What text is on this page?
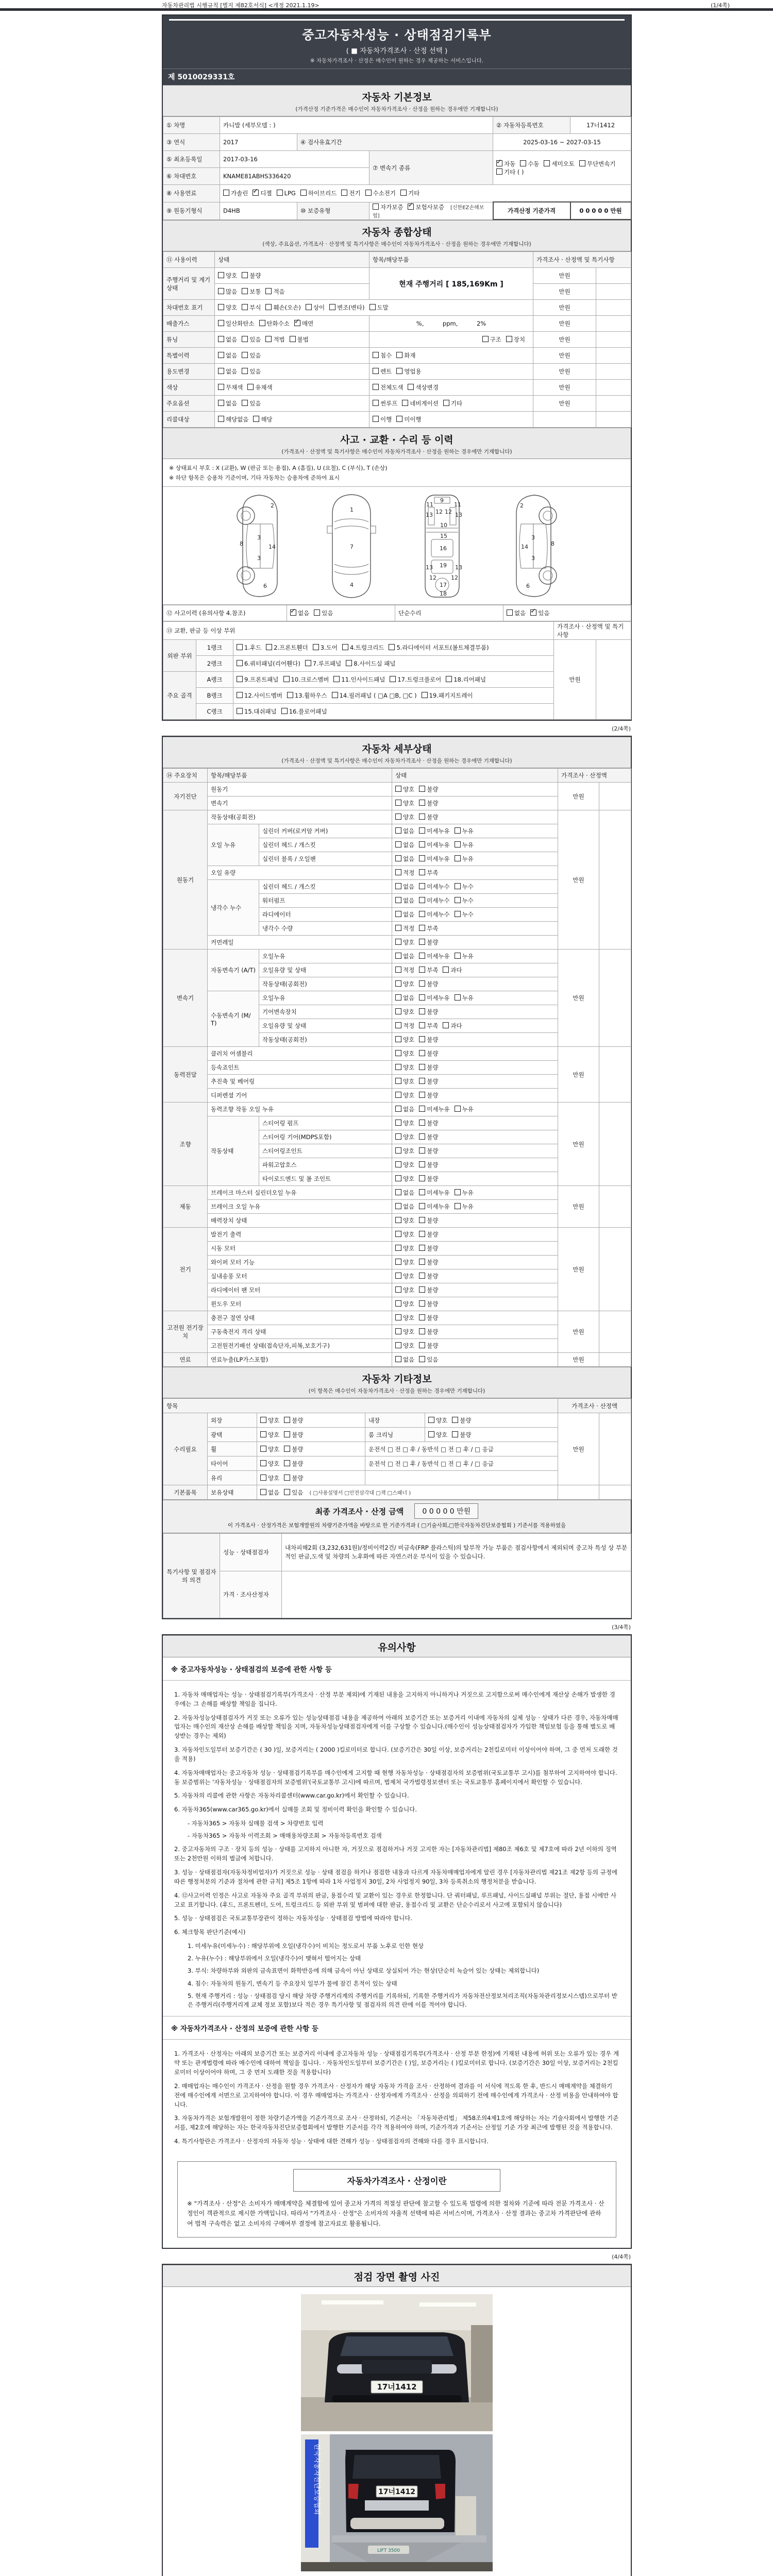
자동차관리법 시행규칙 [별지 제82호서식] <개정 2021.1.19>	(1/4쪽)
중고자동차성능 · 상태점검기록부
( ■ 자동차가격조사 · 산정 선택 )
※ 자동차가격조사 · 산정은 매수인이 원하는 경우 제공하는 서비스입니다.
제 5010029331호
자동차 기본정보
(가격산정 기준가격은 매수인이 자동차가격조사 · 산정을 원하는 경우에만 기재합니다)
① 차명	카니발 (세부모델 : )			② 자동차등록번호	17너1412
③ 연식	2017	④ 검사유효기간		2025-03-16 ~ 2027-03-15	
⑤ 최초등록일	2017-03-16		⑦ 변속기 종류	✓자동 수동 세미오토 무단변속기기타 ( )
⑥ 차대번호	KNAME81ABHS336420				
⑧ 사용연료	가솔린 ✓ 디젤 LPG 하이브리드 전기 수소전기 기타
⑨ 원동기형식	D4HB	⑩ 보증유형	자가보증 ✓ 보험사보증 [신한EZ손해보험]	가격산정 기준가격	0 0 0 0 0 만원
자동차 종합상태
(색상, 주요옵션, 가격조사 · 산정액 및 특기사항은 매수인이 자동차가격조사 · 산정을 원하는 경우에만 기재합니다)
⑪ 사용이력	상태	항목/해당부품	가격조사 · 산정액 및 특기사항	
주행거리 및 계기상태	양호 불량	현재 주행거리 [ 185,169Km ]	만원	
	많음 보통 적음		만원	
차대번호 표기	양호 부식 훼손(오손) 상이 변조(변타) 도말		만원	
배출가스	일산화탄소 탄화수소 ✓ 매연	%,          ppm,          2%	만원	
튜닝	없음 있음 적법 불법	구조 장치	만원	
특별이력	없음 있음	침수 화재	만원	
용도변경	없음 있음	렌트 영업용	만원	
색상	무채색 유채색	전체도색 색상변경	만원	
주요옵션	없음 있음	썬루프 네비게이션 기타	만원	
리콜대상	해당없음 해당	이행 미이행		
사고 · 교환 · 수리 등 이력
(가격조사 · 산정액 및 특기사항은 매수인이 자동차가격조사 · 산정을 원하는 경우에만 기재합니다)
※ 상태표시 부호 : X (교환), W (판금 또는 용접), A (흠집), U (요철), C (부식), T (손상)
※ 하단 항목은 승용차 기준이며, 기타 자동차는 승용차에 준하여 표시
2
8
3
14
3
6
1
7
4
9
11	11
13	13
12 12
10
15
16
13	13
19
12	12
17
18
2
8
3
14
3
6
⑫ 사고이력 (유의사항 4.참조)	✓없음 있음	단순수리	없음 ✓ 있음
⑬ 교환, 판금 등 이상 부위			가격조사 · 산정액 및 특기사항	
외판 부위	1랭크	1.후드 2.프론트휀더 3.도어 4.트렁크리드 5.라디에이터 서포트(볼트체결부품)	만원	
	2랭크	6.쿼터패널(리어휀다) 7.루프패널 8.사이드실 패널		
주요 골격	A랭크	9.프론트패널 10.크로스멤버 11.인사이드패널 17.트렁크플로어 18.리어패널		
	B랭크	12.사이드멤버 13.휠하우스 14.필러패널 ( □A □B, □C ) 19.패키지트레이		
	C랭크	15.대쉬패널 16.플로어패널		
(2/4쪽)
자동차 세부상태
(가격조사 · 산정액 및 특기사항은 매수인이 자동차가격조사 · 산정을 원하는 경우에만 기재합니다)
⑭ 주요장치	항목/해당부품		상태	가격조사 · 산정액	
자기진단	원동기		양호 불량	만원	
	변속기		양호 불량		
원동기	작동상태(공회전)		양호 불량	만원	
	오일 누유	실린더 커버(로커암 커버)	없음 미세누유 누유		
		실린더 헤드 / 개스킷	없음 미세누유 누유		
		실린더 블록 / 오일팬	없음 미세누유 누유		
	오일 유량		적정 부족		
	냉각수 누수	실린더 헤드 / 개스킷	없음 미세누수 누수		
		워터펌프	없음 미세누수 누수		
		라디에이터	없음 미세누수 누수		
		냉각수 수량	적정 부족		
	커먼레일		양호 불량		
변속기	자동변속기 (A/T)	오일누유	없음 미세누유 누유	만원	
		오일유량 및 상태	적정 부족 과다		
		작동상태(공회전)	양호 불량		
	수동변속기 (M/T)	오일누유	없음 미세누유 누유		
		기어변속장치	양호 불량		
		오일유량 및 상태	적정 부족 과다		
		작동상태(공회전)	양호 불량		
동력전달	클러치 어셈블리		양호 불량	만원	
	등속죠인트		양호 불량		
	추진축 및 베어링		양호 불량		
	디퍼렌셜 기어		양호 불량		
조향	동력조향 작동 오일 누유		없음 미세누유 누유	만원	
	작동상태	스티어링 펌프	양호 불량		
		스티어링 기어(MDPS포함)	양호 불량		
		스티어링조인트	양호 불량		
		파워고압호스	양호 불량		
		타이로드엔드 및 볼 조인트	양호 불량		
제동	브레이크 마스터 실린더오일 누유		없음 미세누유 누유	만원	
	브레이크 오일 누유		없음 미세누유 누유		
	배력장치 상태		양호 불량		
전기	발전기 출력		양호 불량	만원	
	시동 모터		양호 불량		
	와이퍼 모터 기능		양호 불량		
	실내송풍 모터		양호 불량		
	라디에이터 팬 모터		양호 불량		
	윈도우 모터		양호 불량		
고전원 전기장치	충전구 절연 상태		양호 불량	만원	
	구동축전지 격리 상태		양호 불량		
	고전원전기배선 상태(접속단자,피복,보호기구)		양호 불량		
연료	연료누출(LP가스포함)		없음 있음	만원	
자동차 기타정보
(이 항목은 매수인이 자동차가격조사 · 산정을 원하는 경우에만 기재합니다)
항목					가격조사 · 산정액	
수리필요	외장	양호 불량	내장	양호 불량	만원	
	광택	양호 불량	룸 크리닝	양호 불량		
	휠	양호 불량	운전석 □ 전 □ 후 / 동반석 □ 전 □ 후 / □ 응급			
	타이어	양호 불량	운전석 □ 전 □ 후 / 동반석 □ 전 □ 후 / □ 응급			
	유리	양호 불량				
기본품목	보유상태	없음 있음 ( □사용설명서 □안전삼각대 □잭 □스패너 )				
최종 가격조사 · 산정 금액	0 0 0 0 0 만원
이 가격조사 · 산정가격은 보험개발원의 차량기준가액을 바탕으로 한 기준가격과 ( □기술사회,□한국자동차진단보증협회 ) 기준서를 적용하였음
특기사항 및 점검자의 의견	성능 · 상태점검자	내차피해2회 (3,232,631원)/정비이력2건/ 비금속(FRP 플라스틱)의 탈부착 가능 부품은 점검사항에서 제외되며 중고차 특성 상 부분적인 판금,도색 및 차량의 노후화에 따른 자연스러운 부식이 있을 수 있습니다.
	가격 · 조사산정자	
(3/4쪽)
유의사항
※ 중고자동차성능 · 상태점검의 보증에 관한 사항 등
1. 자동차 매매업자는 성능 · 상태점검기록부(가격조사 · 산정 부분 제외)에 기재된 내용을 고지하지 아니하거나 거짓으로 고지함으로써 매수인에게 재산상 손해가 발생한 경우에는 그 손해를 배상할 책임을 집니다.
2. 자동차성능상태점검자가 거짓 또는 오류가 있는 성능상태점검 내용을 제공하여 아래의 보증기간 또는 보증거리 이내에 자동차의 실제 성능 · 상태가 다른 경우, 자동차매매업자는 매수인의 재산상 손해를 배상할 책임을 지며, 자동차성능상태점검자에게 이를 구상할 수 있습니다.(매수인이 성능상태점검자가 가입한 책임보험 등을 통해 별도로 배상받는 경우는 제외)
3. 자동차인도일부터 보증기간은 ( 30 )일, 보증거리는 ( 2000 )킬로미터로 합니다. (보증기간은 30일 이상, 보증거리는 2천킬로미터 이상이어야 하며, 그 중 먼저 도래한 것을 적용)
4. 자동차매매업자는 중고자동차 성능 · 상태점검기록부를 매수인에게 고지할 때 현행 자동차성능 · 상태점검자의 보증범위(국토교통부 고시)를 첨부하여 고지하여야 합니다. 동 보증범위는 '자동차성능 · 상태점검자의 보증범위'(국토교통부 고시)에 따르며, 법제처 국가법령정보센터 또는 국토교통부 홈페이지에서 확인할 수 있습니다.
5. 자동차의 리콜에 관한 사항은 자동차리콜센터(www.car.go.kr)에서 확인할 수 있습니다.
6. 자동차365(www.car365.go.kr)에서 실매물 조회 및 정비이력 확인을 확인할 수 있습니다.
- 자동차365 > 자동차 실매물 검색 > 차량번호 입력
- 자동차365 > 자동차 이력조회 > 매매용차량조회 > 자동차등록번호 검색
2. 중고자동차의 구조 · 장치 등의 성능 · 상태를 고지하지 아니한 자, 거짓으로 점검하거나 거짓 고지한 자는 [자동차관리법] 제80조 제6호 및 제7호에 따라 2년 이하의 징역 또는 2천만원 이하의 벌금에 처합니다.
3. 성능 · 상태점검자(자동차정비업자)가 거짓으로 성능 · 상태 점검을 하거나 점검한 내용과 다르게 자동차매매업자에게 알린 경우 [자동차관리법 제21조 제2항 등의 규정에 따른 행정처분의 기준과 절차에 관한 규칙] 제5조 1항에 따라 1차 사업정지 30일, 2차 사업정지 90일, 3차 등록취소의 행정처분을 받습니다.
4. ⑫사고이력 인정은 사고로 자동차 주요 골격 부위의 판금, 용접수리 및 교환이 있는 경우로 한정합니다. 단 쿼터패널, 루프패널, 사이드실패널 부위는 절단, 용접 시에만 사고로 표기합니다. (후드, 프론트펜더, 도어, 트렁크리드 등 외판 부위 및 범퍼에 대한 판금, 용접수리 및 교환은 단순수리로서 사고에 포함되지 않습니다)
5. 성능 · 상태점검은 국토교통부장관이 정하는 자동차성능 · 상태점검 방법에 따라야 합니다.
6. 체크항목 판단기준(예시)
1. 미세누유(미세누수) : 해당부위에 오일(냉각수)이 비치는 정도로서 부품 노후로 인한 현상
2. 누유(누수) : 해당부위에서 오일(냉각수)이 맺혀서 떨어지는 상태
3. 부식: 차량하부와 외판의 금속표면이 화학반응에 의해 금속이 아닌 상태로 상실되어 가는 현상(단순히 녹슬어 있는 상태는 제외합니다)
4. 침수: 자동차의 원동기, 변속기 등 주요장치 일부가 물에 잠긴 흔적이 있는 상태
5. 현재 주행거리 : 성능 · 상태점검 당시 해당 차량 주행거리계의 주행거리를 기록하되, 기록한 주행거리가 자동차전산정보처리조직(자동차관리정보시스템)으로부터 받은 주행거리(주행거리계 교체 정보 포함)보다 적은 경우 특기사항 및 점검자의 의견 란에 이를 적어야 합니다.
※ 자동차가격조사 · 산정의 보증에 관한 사항 등
1. 가격조사 · 산정자는 아래의 보증기간 또는 보증거리 이내에 중고자동차 성능 · 상태점검기록부(가격조사 · 산정 부분 한정)에 기재된 내용에 허위 또는 오류가 있는 경우 계약 또는 관계법령에 따라 매수인에 대하여 책임을 집니다. · 자동차인도일부터 보증기간은 ( )일, 보증거리는 ( )킬로미터로 합니다. (보증기간은 30일 이상, 보증거리는 2천킬로미터 이상이어야 하며, 그 중 먼저 도래한 것을 적용합니다)
2. 매매업자는 매수인이 가격조사 · 산정을 원할 경우 가격조사 · 산정자가 해당 자동차 가격을 조사 · 산정하여 결과를 이 서식에 적도록 한 후, 반드시 매매계약을 체결하기 전에 매수인에게 서면으로 고지하여야 합니다. 이 경우 매매업자는 가격조사 · 산정자에게 가격조사 · 산정을 의뢰하기 전에 매수인에게 가격조사 · 산정 비용을 안내하여야 합니다.
3. 자동차가격은 보험개발원이 정한 차량기준가액을 기준가격으로 조사 · 산정하되, 기준서는 「자동차관리법」 제58조의4제1호에 해당하는 자는 기술사회에서 발행한 기준서를, 제2호에 해당하는 자는 한국자동차진단보증협회에서 발행한 기준서를 각각 적용하여야 하며, 기준가격과 기준서는 산정일 기준 가장 최근에 발행된 것을 적용합니다.
4. 특기사항란은 가격조사 · 산정자의 자동차 성능 · 상태에 대한 견해가 성능 · 상태점검자의 견해와 다를 경우 표시합니다.
자동차가격조사 · 산정이란
※ "가격조사 · 산정"은 소비자가 매매계약을 체결함에 있어 중고차 가격의 적절성 판단에 참고할 수 있도록 법령에 의한 절차와 기준에 따라 전문 가격조사 · 산정인이 객관적으로 제시한 가액입니다. 따라서 "가격조사 · 산정"은 소비자의 자율적 선택에 따른 서비스이며, 가격조사 · 산정 결과는 중고차 가격판단에 관하여 법적 구속력은 없고 소비자의 구매여부 결정에 참고자료로 활용됩니다.
(4/4쪽)
점검 장면 촬영 사진
17너1412
한국자동차진단보증협회	17너1412
LIFT 3500
